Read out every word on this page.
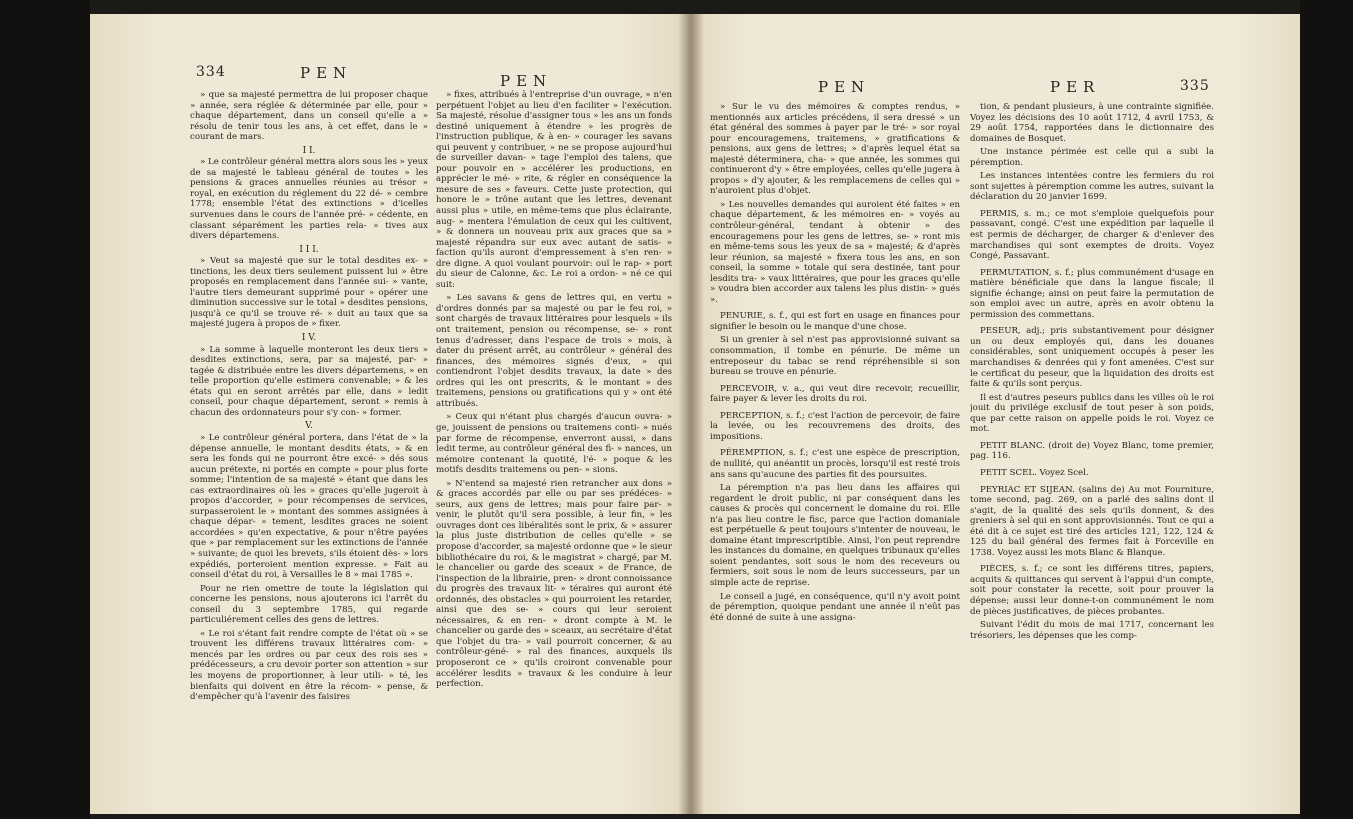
334	PEN

» que sa majesté permettra de lui proposer chaque » année, sera réglée & déterminée par elle, pour » chaque département, dans un conseil qu'elle a » résolu de tenir tous les ans, à cet effet, dans le » courant de mars.

I I.

» Le contrôleur général mettra alors sous les » yeux de sa majesté le tableau général de toutes » les pensions & graces annuelles réunies au trésor » royal, en exécution du réglement du 22 dé- » cembre 1778; ensemble l'état des extinctions » d'icelles survenues dans le cours de l'année pré- » cédente, en classant séparément les parties rela- » tives aux divers départemens.

I I I.

» Veut sa majesté que sur le total desdites ex- » tinctions, les deux tiers seulement puissent lui » être proposés en remplacement dans l'année sui- » vante, l'autre tiers demeurant supprimé pour » opérer une diminution successive sur le total » desdites pensions, jusqu'à ce qu'il se trouve ré- » duit au taux que sa majesté jugera à propos de » fixer.

I V.

» La somme à laquelle monteront les deux tiers » desdites extinctions, sera, par sa majesté, par- » tagée & distribuée entre les divers départemens, » en telle proportion qu'elle estimera convenable; » & les états qui en seront arrêtés par elle, dans » ledit conseil, pour chaque département, seront » remis à chacun des ordonnateurs pour s'y con- » former.

V.

» Le contrôleur général portera, dans l'état de » la dépense annuelle, le montant desdits états, » & en sera les fonds qui ne pourront être excé- » dés sous aucun prétexte, ni portés en compte » pour plus forte somme; l'intention de sa majesté » étant que dans les cas extraordinaires où les » graces qu'elle jugeroit à propos d'accorder, » pour récompenses de services, surpasseroient le » montant des sommes assignées à chaque dépar- » tement, lesdites graces ne soient accordées » qu'en expectative, & pour n'être payées que » par remplacement sur les extinctions de l'année » suivante; de quoi les brevets, s'ils étoient dès- » lors expédiés, porteroient mention expresse. » Fait au conseil d'état du roi, à Versailles le 8 » mai 1785 ».

Pour ne rien omettre de toute la législation qui concerne les pensions, nous ajouterons ici l'arrêt du conseil du 3 septembre 1785, qui regarde particuliérement celles des gens de lettres.

« Le roi s'étant fait rendre compte de l'état où » se trouvent les différens travaux littéraires com- » mencés par les ordres ou par ceux des rois ses » prédécesseurs, a cru devoir porter son attention » sur les moyens de proportionner, à leur utili- » té, les bienfaits qui doivent en être la récom- » pense, & d'empêcher qu'à l'avenir des faisires

» fixes, attribués à l'entreprise d'un ouvrage, » n'en perpétuent l'objet au lieu d'en faciliter » l'exécution. Sa majesté, résolue d'assigner tous » les ans un fonds destiné uniquement à étendre » les progrès de l'instruction publique, & à en- » courager les savans qui peuvent y contribuer, » ne se propose aujourd'hui de surveiller davan- » tage l'emploi des talens, que pour pouvoir en » accélérer les productions, en apprécier le mé- » rite, & régler en conséquence la mesure de ses » faveurs. Cette juste protection, qui honore le » trône autant que les lettres, devenant aussi plus » utile, en même-tems que plus éclairante, aug- » mentera l'émulation de ceux qui les cultivent, » & donnera un nouveau prix aux graces que sa » majesté répandra sur eux avec autant de satis- » faction qu'ils auront d'empressement à s'en ren- » dre digne. A quoi voulant pourvoir: ouï le rap- » port du sieur de Calonne, &c. Le roi a ordon- » né ce qui suit:

» Les savans & gens de lettres qui, en vertu » d'ordres donnés par sa majesté ou par le feu roi, » sont chargés de travaux littéraires pour lesquels » ils ont traitement, pension ou récompense, se- » ront tenus d'adresser, dans l'espace de trois » mois, à dater du présent arrêt, au contrôleur » général des finances, des mémoires signés d'eux, » qui contiendront l'objet desdits travaux, la date » des ordres qui les ont prescrits, & le montant » des traitemens, pensions ou gratifications qui y » ont été attribués.

» Ceux qui n'étant plus chargés d'aucun ouvra- » ge, jouissent de pensions ou traitemens conti- » nués par forme de récompense, enverront aussi, » dans ledit terme, au contrôleur général des fi- » nances, un mémoire contenant la quotité, l'é- » poque & les motifs desdits traitemens ou pen- » sions.

» N'entend sa majesté rien retrancher aux dons » & graces accordés par elle ou par ses prédéces- » seurs, aux gens de lettres; mais pour faire par- » venir, le plutôt qu'il sera possible, à leur fin, » les ouvrages dont ces libéralités sont le prix, & » assurer la plus juste distribution de celles qu'elle » se propose d'accorder, sa majesté ordonne que » le sieur bibliothécaire du roi, & le magistrat » chargé, par M. le chancelier ou garde des sceaux » de France, de l'inspection de la librairie, pren- » dront connoissance du progrès des travaux lit- » téraires qui auront été ordonnés, des obstacles » qui pourroient les retarder, ainsi que des se- » cours qui leur seroient nécessaires, & en ren- » dront compte à M. le chancelier ou garde des » sceaux, au secrétaire d'état que l'objet du tra- » vail pourroit concerner, & au contrôleur-géné- » ral des finances, auxquels ils proposeront ce » qu'ils croiront convenable pour accélérer lesdits » travaux & les conduire à leur perfection.

PEN	PEN	PER	335

» Sur le vu des mémoires & comptes rendus, » mentionnés aux articles précédens, il sera dressé » un état général des sommes à payer par le tré- » sor royal pour encouragemens, traitemens, » gratifications & pensions, aux gens de lettres; » d'après lequel état sa majesté déterminera, cha- » que année, les sommes qui continueront d'y » être employées, celles qu'elle jugera à propos » d'y ajouter, & les remplacemens de celles qui » n'auroient plus d'objet.

» Les nouvelles demandes qui auroient été faites » en chaque département, & les mémoires en- » voyés au contrôleur-général, tendant à obtenir » des encouragemens pour les gens de lettres, se- » ront mis en même-tems sous les yeux de sa » majesté; & d'après leur réunion, sa majesté » fixera tous les ans, en son conseil, la somme » totale qui sera destinée, tant pour lesdits tra- » vaux littéraires, que pour les graces qu'elle » voudra bien accorder aux talens les plus distin- » gués ».

PENURIE, s. f., qui est fort en usage en finances pour signifier le besoin ou le manque d'une chose.

Si un grenier à sel n'est pas approvisionné suivant sa consommation, il tombe en pénurie. De même un entreposeur du tabac se rend répréhensible si son bureau se trouve en pénurie.

PERCEVOIR, v. a., qui veut dire recevoir, recueillir, faire payer & lever les droits du roi.

PERCEPTION, s. f.; c'est l'action de percevoir, de faire la levée, ou les recouvremens des droits, des impositions.

PÉREMPTION, s. f.; c'est une espèce de prescription, de nullité, qui anéantit un procès, lorsqu'il est resté trois ans sans qu'aucune des parties fit des poursuites.

La péremption n'a pas lieu dans les affaires qui regardent le droit public, ni par conséquent dans les causes & procès qui concernent le domaine du roi. Elle n'a pas lieu contre le fisc, parce que l'action domaniale est perpétuelle & peut toujours s'intenter de nouveau, le domaine étant imprescriptible. Ainsi, l'on peut reprendre les instances du domaine, en quelques tribunaux qu'elles soient pendantes, soit sous le nom des receveurs ou fermiers, soit sous le nom de leurs successeurs, par un simple acte de reprise.

Le conseil a jugé, en conséquence, qu'il n'y avoit point de péremption, quoique pendant une année il n'eût pas été donné de suite à une assigna-

tion, & pendant plusieurs, à une contrainte signifiée. Voyez les décisions des 10 août 1712, 4 avril 1753, & 29 août 1754, rapportées dans le dictionnaire des domaines de Bosquet.

Une instance périmée est celle qui a subi la péremption.

Les instances intentées contre les fermiers du roi sont sujettes à péremption comme les autres, suivant la déclaration du 20 janvier 1699.

PERMIS, s. m.; ce mot s'emploie quelquefois pour passavant, congé. C'est une expédition par laquelle il est permis de décharger, de charger & d'enlever des marchandises qui sont exemptes de droits. Voyez Congé, Passavant.

PERMUTATION, s. f.; plus communément d'usage en matière bénéficiale que dans la langue fiscale; il signifie échange; ainsi on peut faire la permutation de son emploi avec un autre, après en avoir obtenu la permission des commettans.

PESEUR, adj.; pris substantivement pour désigner un ou deux employés qui, dans les douanes considérables, sont uniquement occupés à peser les marchandises & denrées qui y font amenées. C'est sur le certificat du peseur, que la liquidation des droits est faite & qu'ils sont perçus.

Il est d'autres peseurs publics dans les villes où le roi jouit du privilége exclusif de tout peser à son poids, que par cette raison on appelle poids le roi. Voyez ce mot.

PETIT BLANC. (droit de) Voyez Blanc, tome premier, pag. 116.

PETIT SCEL. Voyez Scel.

PEYRIAC ET SIJEAN. (salins de) Au mot Fourniture, tome second, pag. 269, on a parlé des salins dont il s'agit, de la qualité des sels qu'ils donnent, & des greniers à sel qui en sont approvisionnés. Tout ce qui a été dit à ce sujet est tiré des articles 121, 122, 124 & 125 du bail général des fermes fait à Forceville en 1738. Voyez aussi les mots Blanc & Blanque.

PIÈCES, s. f.; ce sont les différens titres, papiers, acquits & quittances qui servent à l'appui d'un compte, soit pour constater la recette, soit pour prouver la dépense; aussi leur donne-t-on communément le nom de pièces justificatives, de pièces probantes.

Suivant l'édit du mois de mai 1717, concernant les trésoriers, les dépenses que les comp-
